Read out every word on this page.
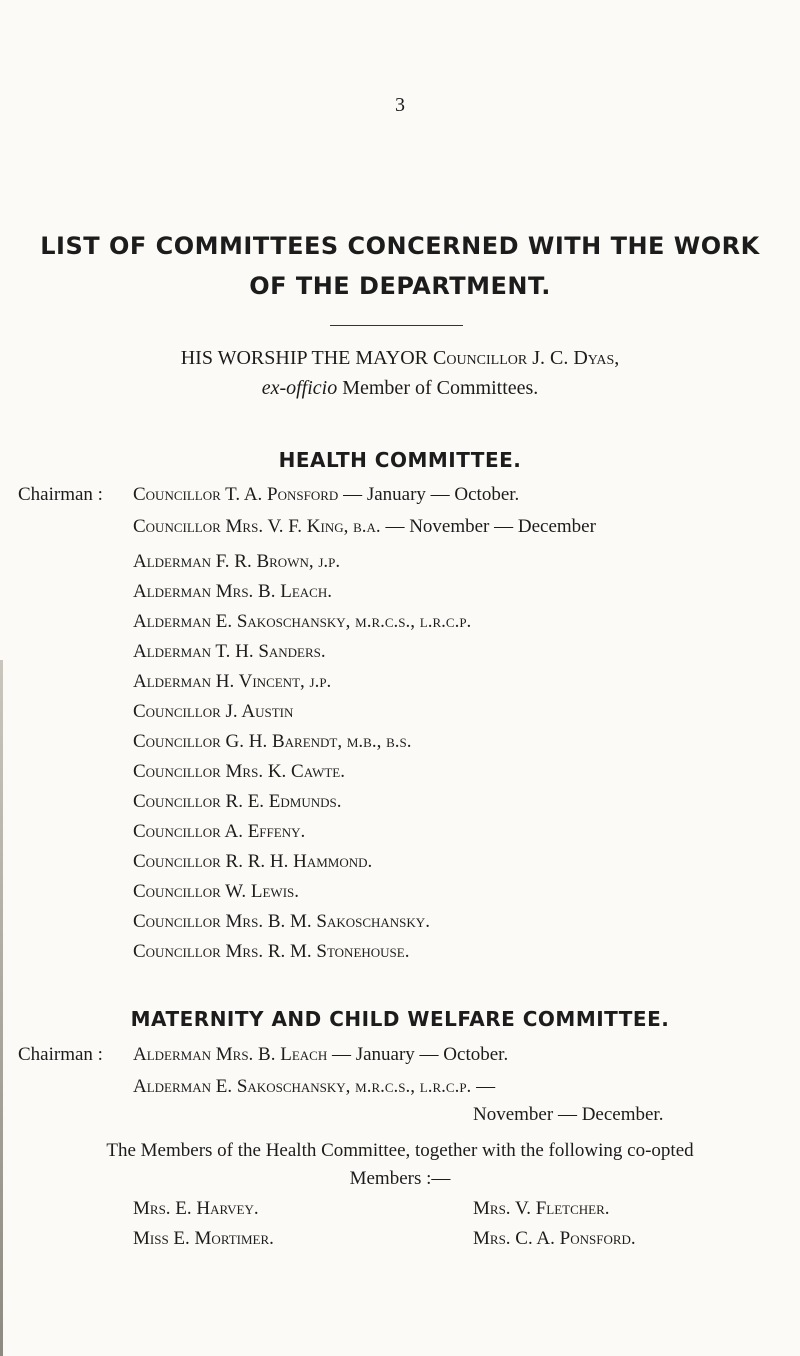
3
LIST OF COMMITTEES CONCERNED WITH THE WORK
OF THE DEPARTMENT.
HIS WORSHIP THE MAYOR Councillor J. C. Dyas,
ex-officio Member of Committees.
HEALTH COMMITTEE.
Chairman : Councillor T. A. Ponsford — January — October.
Councillor Mrs. V. F. King, b.a. — November — December
Alderman F. R. Brown, j.p.
Alderman Mrs. B. Leach.
Alderman E. Sakoschansky, m.r.c.s., l.r.c.p.
Alderman T. H. Sanders.
Alderman H. Vincent, j.p.
Councillor J. Austin
Councillor G. H. Barendt, m.b., b.s.
Councillor Mrs. K. Cawte.
Councillor R. E. Edmunds.
Councillor A. Effeny.
Councillor R. R. H. Hammond.
Councillor W. Lewis.
Councillor Mrs. B. M. Sakoschansky.
Councillor Mrs. R. M. Stonehouse.
MATERNITY AND CHILD WELFARE COMMITTEE.
Chairman : Alderman Mrs. B. Leach — January — October.
Alderman E. Sakoschansky, m.r.c.s., l.r.c.p. —
November — December.
The Members of the Health Committee, together with the following co-opted
Members :—
Mrs. E. Harvey.	Mrs. V. Fletcher.
Miss E. Mortimer.	Mrs. C. A. Ponsford.
